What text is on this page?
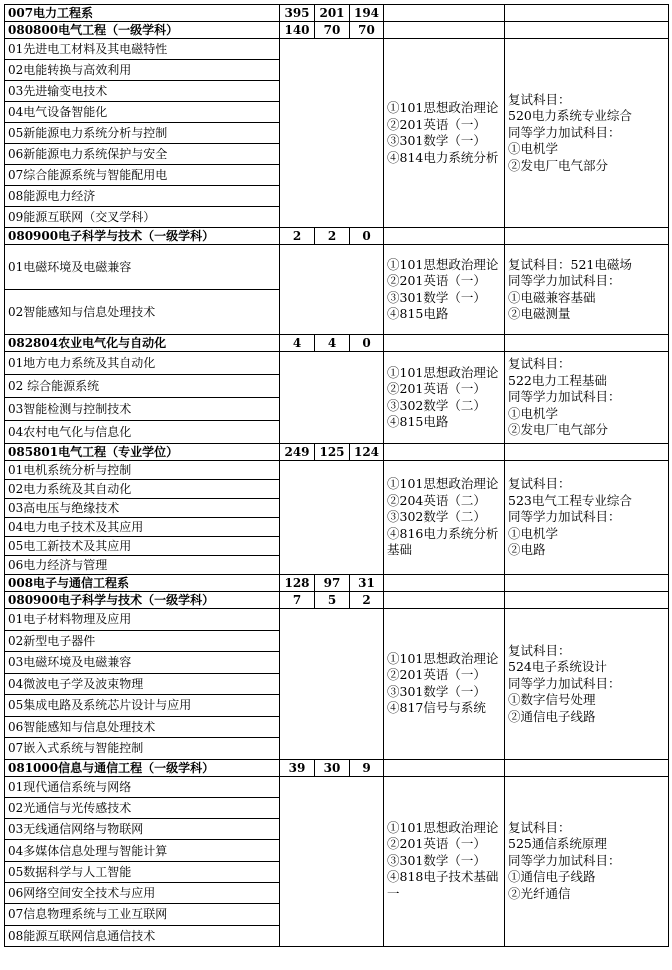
007电力工程系	395	201	194		
080800电气工程（一级学科）	140	70	70		
01先进电工材料及其电磁特性				①101思想政治理论
②201英语（一）
③301数学（一）
④814电力系统分析	复试科目：
520电力系统专业综合
同等学力加试科目：
①电机学
②发电厂电气部分

02电能转换与高效利用					
03先进输变电技术					
04电气设备智能化					
05新能源电力系统分析与控制					
06新能源电力系统保护与安全					
07综合能源系统与智能配用电					
08能源电力经济					
09能源互联网（交叉学科）					
080900电子科学与技术（一级学科）	2	2	0		
01电磁环境及电磁兼容				①101思想政治理论
②201英语（一）
③301数学（一）
④815电路	复试科目：521电磁场
同等学力加试科目：
①电磁兼容基础
②电磁测量

02智能感知与信息处理技术					
082804农业电气化与自动化	4	4	0		
01地方电力系统及其自动化				①101思想政治理论
②201英语（一）
③302数学（二）
④815电路	复试科目：
522电力工程基础
同等学力加试科目：
①电机学
②发电厂电气部分

02 综合能源系统					
03智能检测与控制技术					
04农村电气化与信息化					
085801电气工程（专业学位）	249	125	124		
01电机系统分析与控制				①101思想政治理论
②204英语（二）
③302数学（二）
④816电力系统分析
基础	复试科目：
523电气工程专业综合
同等学力加试科目：
①电机学
②电路

02电力系统及其自动化					
03高电压与绝缘技术					
04电力电子技术及其应用					
05电工新技术及其应用					
06电力经济与管理					
008电子与通信工程系	128	97	31		
080900电子科学与技术（一级学科）	7	5	2		
01电子材料物理及应用				①101思想政治理论
②201英语（一）
③301数学（一）
④817信号与系统	复试科目：
524电子系统设计
同等学力加试科目：
①数字信号处理
②通信电子线路

02新型电子器件					
03电磁环境及电磁兼容					
04微波电子学及波束物理					
05集成电路及系统芯片设计与应用					
06智能感知与信息处理技术					
07嵌入式系统与智能控制					
081000信息与通信工程（一级学科）	39	30	9		
01现代通信系统与网络				①101思想政治理论
②201英语（一）
③301数学（一）
④818电子技术基础
一	复试科目：
525通信系统原理
同等学力加试科目：
①通信电子线路
②光纤通信

02光通信与光传感技术					
03无线通信网络与物联网					
04多媒体信息处理与智能计算					
05数据科学与人工智能					
06网络空间安全技术与应用					
07信息物理系统与工业互联网					
08能源互联网信息通信技术					
